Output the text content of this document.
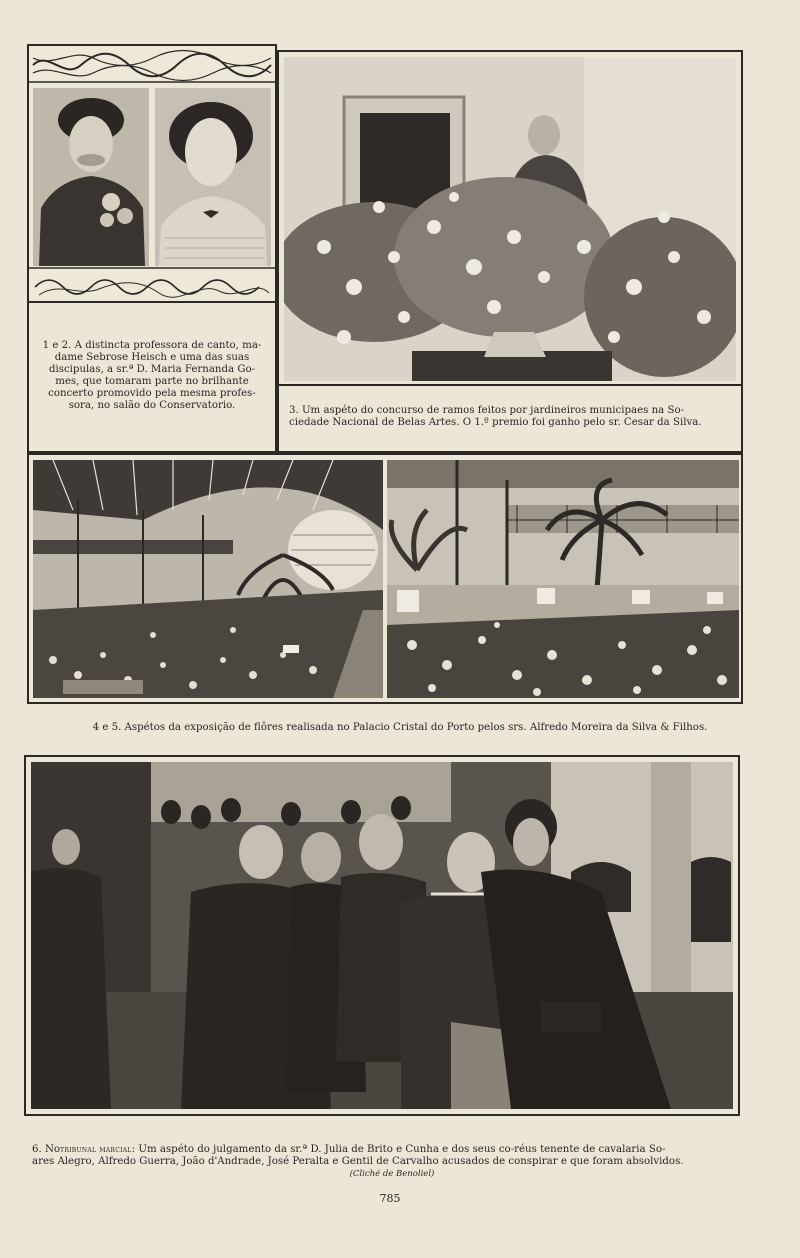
1 e 2. A distincta professora de canto, ma-
dame Sebrose Heisch e uma das suas
discipulas, a sr.ª D. Maria Fernanda Go-
mes, que tomaram parte no brilhante
concerto promovido pela mesma profes-
sora, no salão do Conservatorio.	3. Um aspéto do concurso de ramos feitos por jardineiros municipaes na So-
ciedade Nacional de Belas Artes. O 1.º premio foi ganho pelo sr. Cesar da Silva.
4 e 5. Aspétos da exposição de flôres realisada no Palacio Cristal do Porto pelos srs. Alfredo Moreira da Silva & Filhos.
6. Notribunal marcial: Um aspéto do julgamento da sr.ª D. Julia de Brito e Cunha e dos seus co-réus tenente de cavalaria So-
ares Alegro, Alfredo Guerra, João d'Andrade, José Peralta e Gentil de Carvalho acusados de conspirar e que foram absolvidos.
(Cliché de Benoliel)
785
